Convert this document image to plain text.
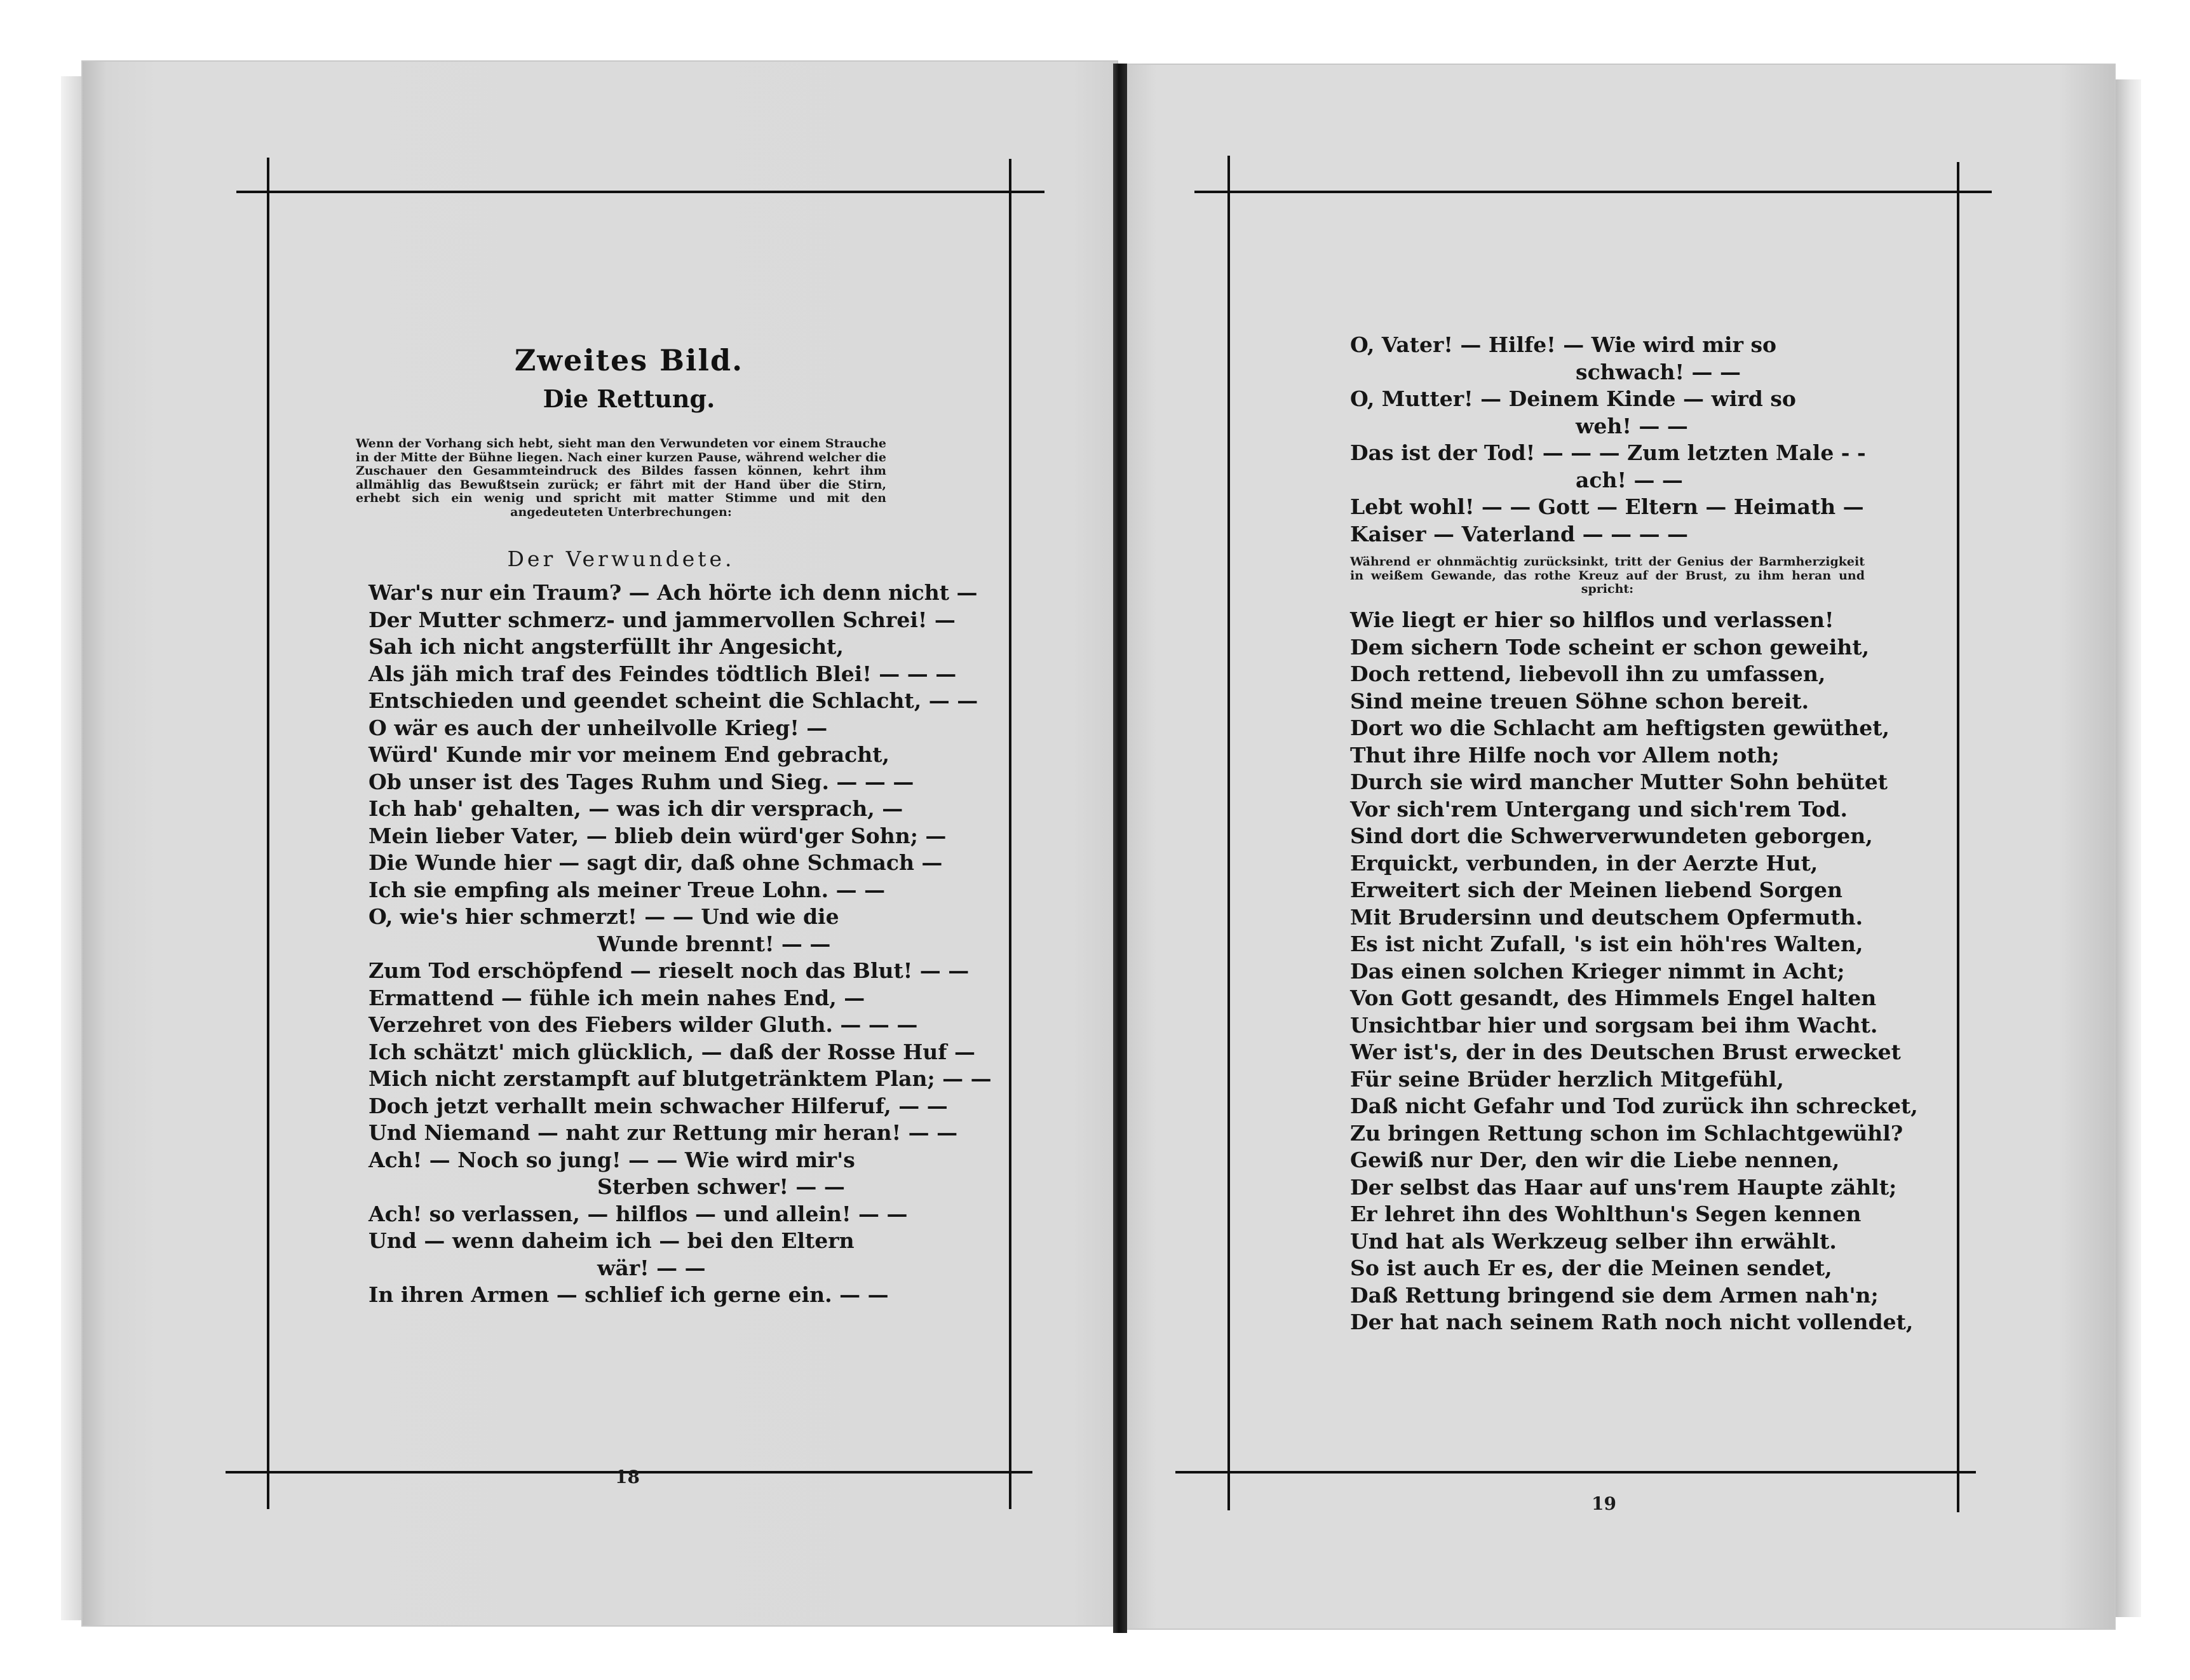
Zweites Bild.
Die Rettung.
Wenn der Vorhang sich hebt, sieht man den Verwundeten vor einem Strauche in der Mitte der Bühne liegen. Nach einer kurzen Pause, während welcher die Zuschauer den Gesammteindruck des Bildes fassen können, kehrt ihm allmählig das Bewußtsein zurück; er fährt mit der Hand über die Stirn, erhebt sich ein wenig und spricht mit matter Stimme und mit den angedeuteten Unterbrechungen:
Der Verwundete.
War's nur ein Traum? — Ach hörte ich denn nicht —
Der Mutter schmerz- und jammervollen Schrei! —
Sah ich nicht angsterfüllt ihr Angesicht,
Als jäh mich traf des Feindes tödtlich Blei! — — —
Entschieden und geendet scheint die Schlacht, — —
O wär es auch der unheilvolle Krieg! —
Würd' Kunde mir vor meinem End gebracht,
Ob unser ist des Tages Ruhm und Sieg. — — —
Ich hab' gehalten, — was ich dir versprach, —
Mein lieber Vater, — blieb dein würd'ger Sohn; —
Die Wunde hier — sagt dir, daß ohne Schmach —
Ich sie empfing als meiner Treue Lohn. — —
O, wie's hier schmerzt! — — Und wie die
Wunde brennt! — —
Zum Tod erschöpfend — rieselt noch das Blut! — —
Ermattend — fühle ich mein nahes End, —
Verzehret von des Fiebers wilder Gluth. — — —
Ich schätzt' mich glücklich, — daß der Rosse Huf —
Mich nicht zerstampft auf blutgetränktem Plan; — —
Doch jetzt verhallt mein schwacher Hilferuf, — —
Und Niemand — naht zur Rettung mir heran! — —
Ach! — Noch so jung! — — Wie wird mir's
Sterben schwer! — —
Ach! so verlassen, — hilflos — und allein! — —
Und — wenn daheim ich — bei den Eltern
wär! — —
In ihren Armen — schlief ich gerne ein. — —
18
O, Vater! — Hilfe! — Wie wird mir so
schwach! — —
O, Mutter! — Deinem Kinde — wird so
weh! — —
Das ist der Tod! — — — Zum letzten Male - -
ach! — —
Lebt wohl! — — Gott — Eltern — Heimath —
Kaiser — Vaterland — — — —
Während er ohnmächtig zurücksinkt, tritt der Genius der Barmherzigkeit in weißem Gewande, das rothe Kreuz auf der Brust, zu ihm heran und spricht:
Wie liegt er hier so hilflos und verlassen!
Dem sichern Tode scheint er schon geweiht,
Doch rettend, liebevoll ihn zu umfassen,
Sind meine treuen Söhne schon bereit.
Dort wo die Schlacht am heftigsten gewüthet,
Thut ihre Hilfe noch vor Allem noth;
Durch sie wird mancher Mutter Sohn behütet
Vor sich'rem Untergang und sich'rem Tod.
Sind dort die Schwerverwundeten geborgen,
Erquickt, verbunden, in der Aerzte Hut,
Erweitert sich der Meinen liebend Sorgen
Mit Brudersinn und deutschem Opfermuth.
Es ist nicht Zufall, 's ist ein höh'res Walten,
Das einen solchen Krieger nimmt in Acht;
Von Gott gesandt, des Himmels Engel halten
Unsichtbar hier und sorgsam bei ihm Wacht.
Wer ist's, der in des Deutschen Brust erwecket
Für seine Brüder herzlich Mitgefühl,
Daß nicht Gefahr und Tod zurück ihn schrecket,
Zu bringen Rettung schon im Schlachtgewühl?
Gewiß nur Der, den wir die Liebe nennen,
Der selbst das Haar auf uns'rem Haupte zählt;
Er lehret ihn des Wohlthun's Segen kennen
Und hat als Werkzeug selber ihn erwählt.
So ist auch Er es, der die Meinen sendet,
Daß Rettung bringend sie dem Armen nah'n;
Der hat nach seinem Rath noch nicht vollendet,
19
